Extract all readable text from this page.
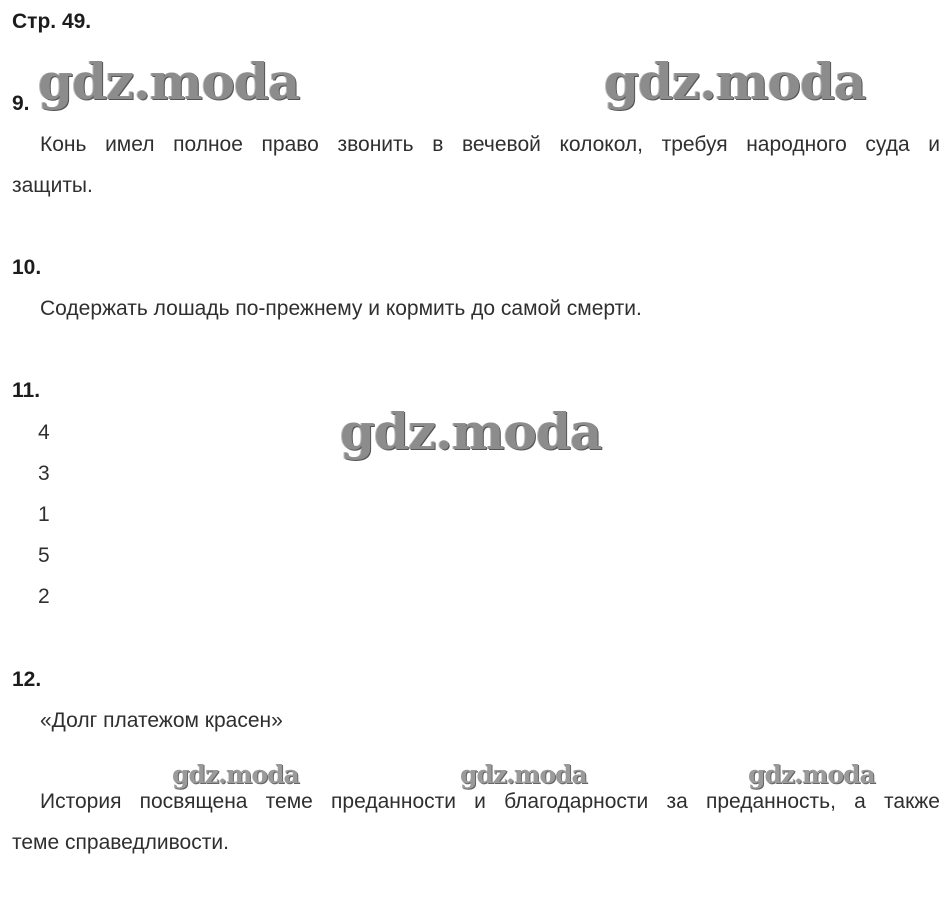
Стр. 49.
gdz.moda	gdz.moda
gdz.moda
gdz.moda	gdz.moda	gdz.moda
9.
Конь имел полное право звонить в вечевой колокол, требуя народного суда и
защиты.
10.
Содержать лошадь по-прежнему и кормить до самой смерти.
11.
4
3
1
5
2
12.
«Долг платежом красен»
История посвящена теме преданности и благодарности за преданность, а также
теме справедливости.
